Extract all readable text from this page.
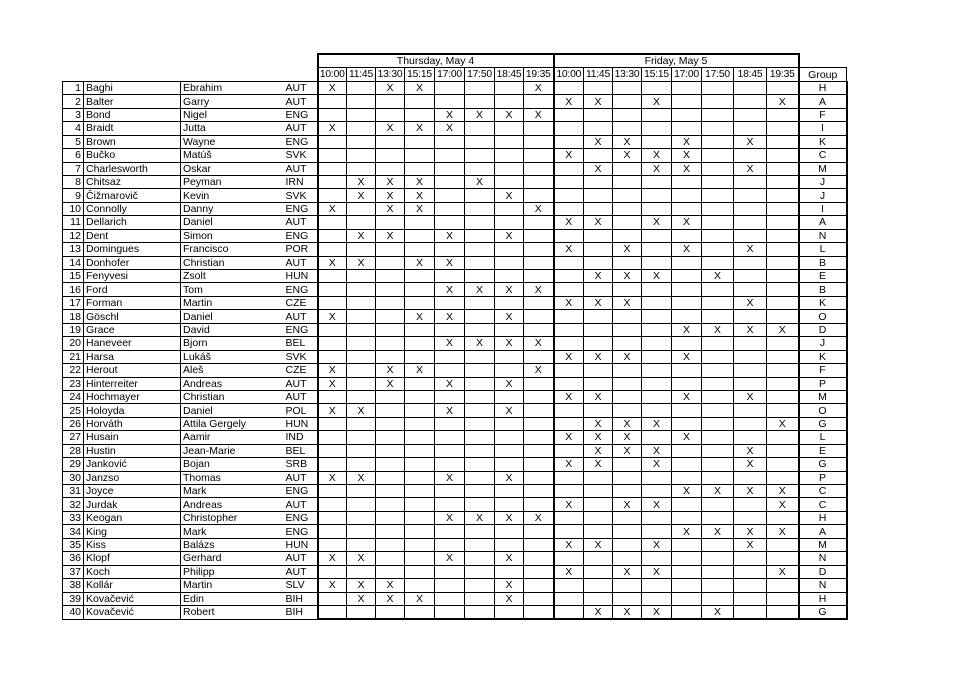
				Thursday, May 4								Friday, May 5								
				10:00	11:45	13:30	15:15	17:00	17:50	18:45	19:35	10:00	11:45	13:30	15:15	17:00	17:50	18:45	19:35	Group
1	Baghi	Ebrahim	AUT	X		X	X				X									H
2	Balter	Garry	AUT									X	X		X				X	A
3	Bond	Nigel	ENG					X	X	X	X									F
4	Braidt	Jutta	AUT	X		X	X	X												I
5	Brown	Wayne	ENG										X	X		X		X		K
6	Bučko	Matúš	SVK									X		X	X	X				C
7	Charlesworth	Oskar	AUT										X		X	X		X		M
8	Chitsaz	Peyman	IRN		X	X	X		X											J
9	Čižmarovič	Kevin	SVK		X	X	X			X										J
10	Connolly	Danny	ENG	X		X	X				X									I
11	Dellarich	Daniel	AUT									X	X		X	X				A
12	Dent	Simon	ENG		X	X		X		X										N
13	Domingues	Francisco	POR									X		X		X		X		L
14	Donhofer	Christian	AUT	X	X		X	X												B
15	Fenyvesi	Zsolt	HUN										X	X	X		X			E
16	Ford	Tom	ENG					X	X	X	X									B
17	Forman	Martin	CZE									X	X	X				X		K
18	Göschl	Daniel	AUT	X			X	X		X										O
19	Grace	David	ENG													X	X	X	X	D
20	Haneveer	Bjorn	BEL					X	X	X	X									J
21	Harsa	Lukáš	SVK									X	X	X		X				K
22	Herout	Aleš	CZE	X		X	X				X									F
23	Hinterreiter	Andreas	AUT	X		X		X		X										P
24	Hochmayer	Christian	AUT									X	X			X		X		M
25	Holoyda	Daniel	POL	X	X			X		X										O
26	Horváth	Attila Gergely	HUN										X	X	X				X	G
27	Husain	Aamir	IND									X	X	X		X				L
28	Hustin	Jean-Marie	BEL										X	X	X			X		E
29	Janković	Bojan	SRB									X	X		X			X		G
30	Janzso	Thomas	AUT	X	X			X		X										P
31	Joyce	Mark	ENG													X	X	X	X	C
32	Jurdak	Andreas	AUT									X		X	X				X	C
33	Keogan	Christopher	ENG					X	X	X	X									H
34	King	Mark	ENG													X	X	X	X	A
35	Kiss	Balázs	HUN									X	X		X			X		M
36	Klopf	Gerhard	AUT	X	X			X		X										N
37	Koch	Philipp	AUT									X		X	X				X	D
38	Kollár	Martin	SLV	X	X	X				X										N
39	Kovačević	Edin	BIH		X	X	X			X										H
40	Kovačević	Robert	BIH										X	X	X		X			G
